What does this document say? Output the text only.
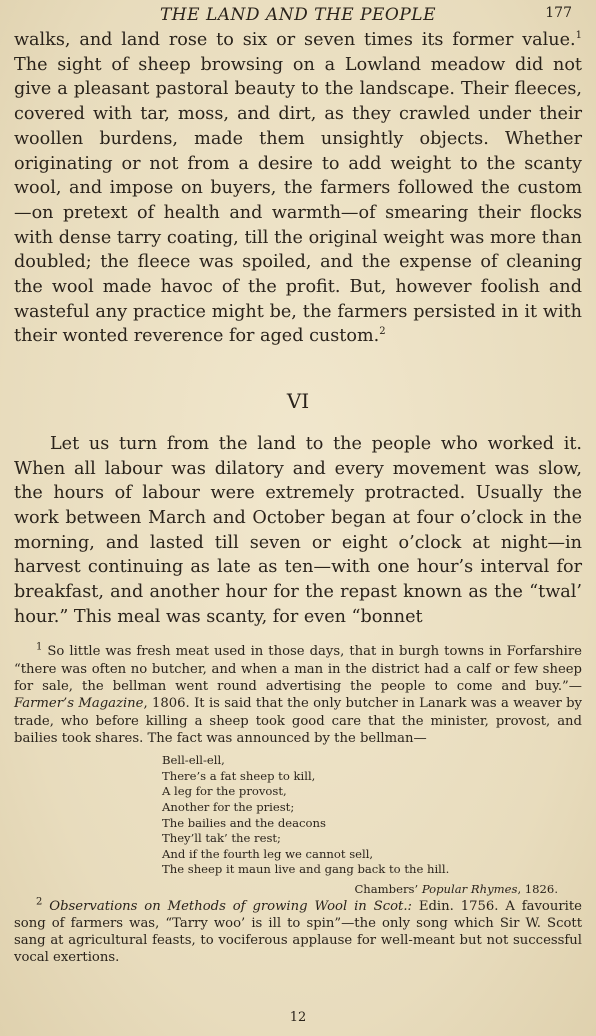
THE LAND AND THE PEOPLE	177

walks, and land rose to six or seven times its former value.$^1$ The sight of sheep browsing on a Lowland meadow did not give a pleasant pastoral beauty to the landscape. Their fleeces, covered with tar, moss, and dirt, as they crawled under their woollen burdens, made them unsightly objects. Whether originating or not from a desire to add weight to the scanty wool, and impose on buyers, the farmers followed the custom —on pretext of health and warmth—of smearing their flocks with dense tarry coating, till the original weight was more than doubled; the fleece was spoiled, and the expense of cleaning the wool made havoc of the profit. But, however foolish and wasteful any practice might be, the farmers persisted in it with their wonted reverence for aged custom.$^2$

VI

Let us turn from the land to the people who worked it. When all labour was dilatory and every movement was slow, the hours of labour were extremely protracted. Usually the work between March and October began at four o’clock in the morning, and lasted till seven or eight o’clock at night—in harvest continuing as late as ten—with one hour’s interval for breakfast, and another hour for the repast known as the “twal’ hour.” This meal was scanty, for even “bonnet

$^1$ So little was fresh meat used in those days, that in burgh towns in Forfarshire “there was often no butcher, and when a man in the district had a calf or few sheep for sale, the bellman went round advertising the people to come and buy.”—Farmer’s Magazine, 1806. It is said that the only butcher in Lanark was a weaver by trade, who before killing a sheep took good care that the minister, provost, and bailies took shares. The fact was announced by the bellman—

Bell-ell-ell,
There’s a fat sheep to kill,
A leg for the provost,
Another for the priest;
The bailies and the deacons
They’ll tak’ the rest;
And if the fourth leg we cannot sell,
The sheep it maun live and gang back to the hill.
Chambers’ Popular Rhymes, 1826.

$^2$ Observations on Methods of growing Wool in Scot.: Edin. 1756. A favourite song of farmers was, “Tarry woo’ is ill to spin”—the only song which Sir W. Scott sang at agricultural feasts, to vociferous applause for well-meant but not successful vocal exertions.

12
